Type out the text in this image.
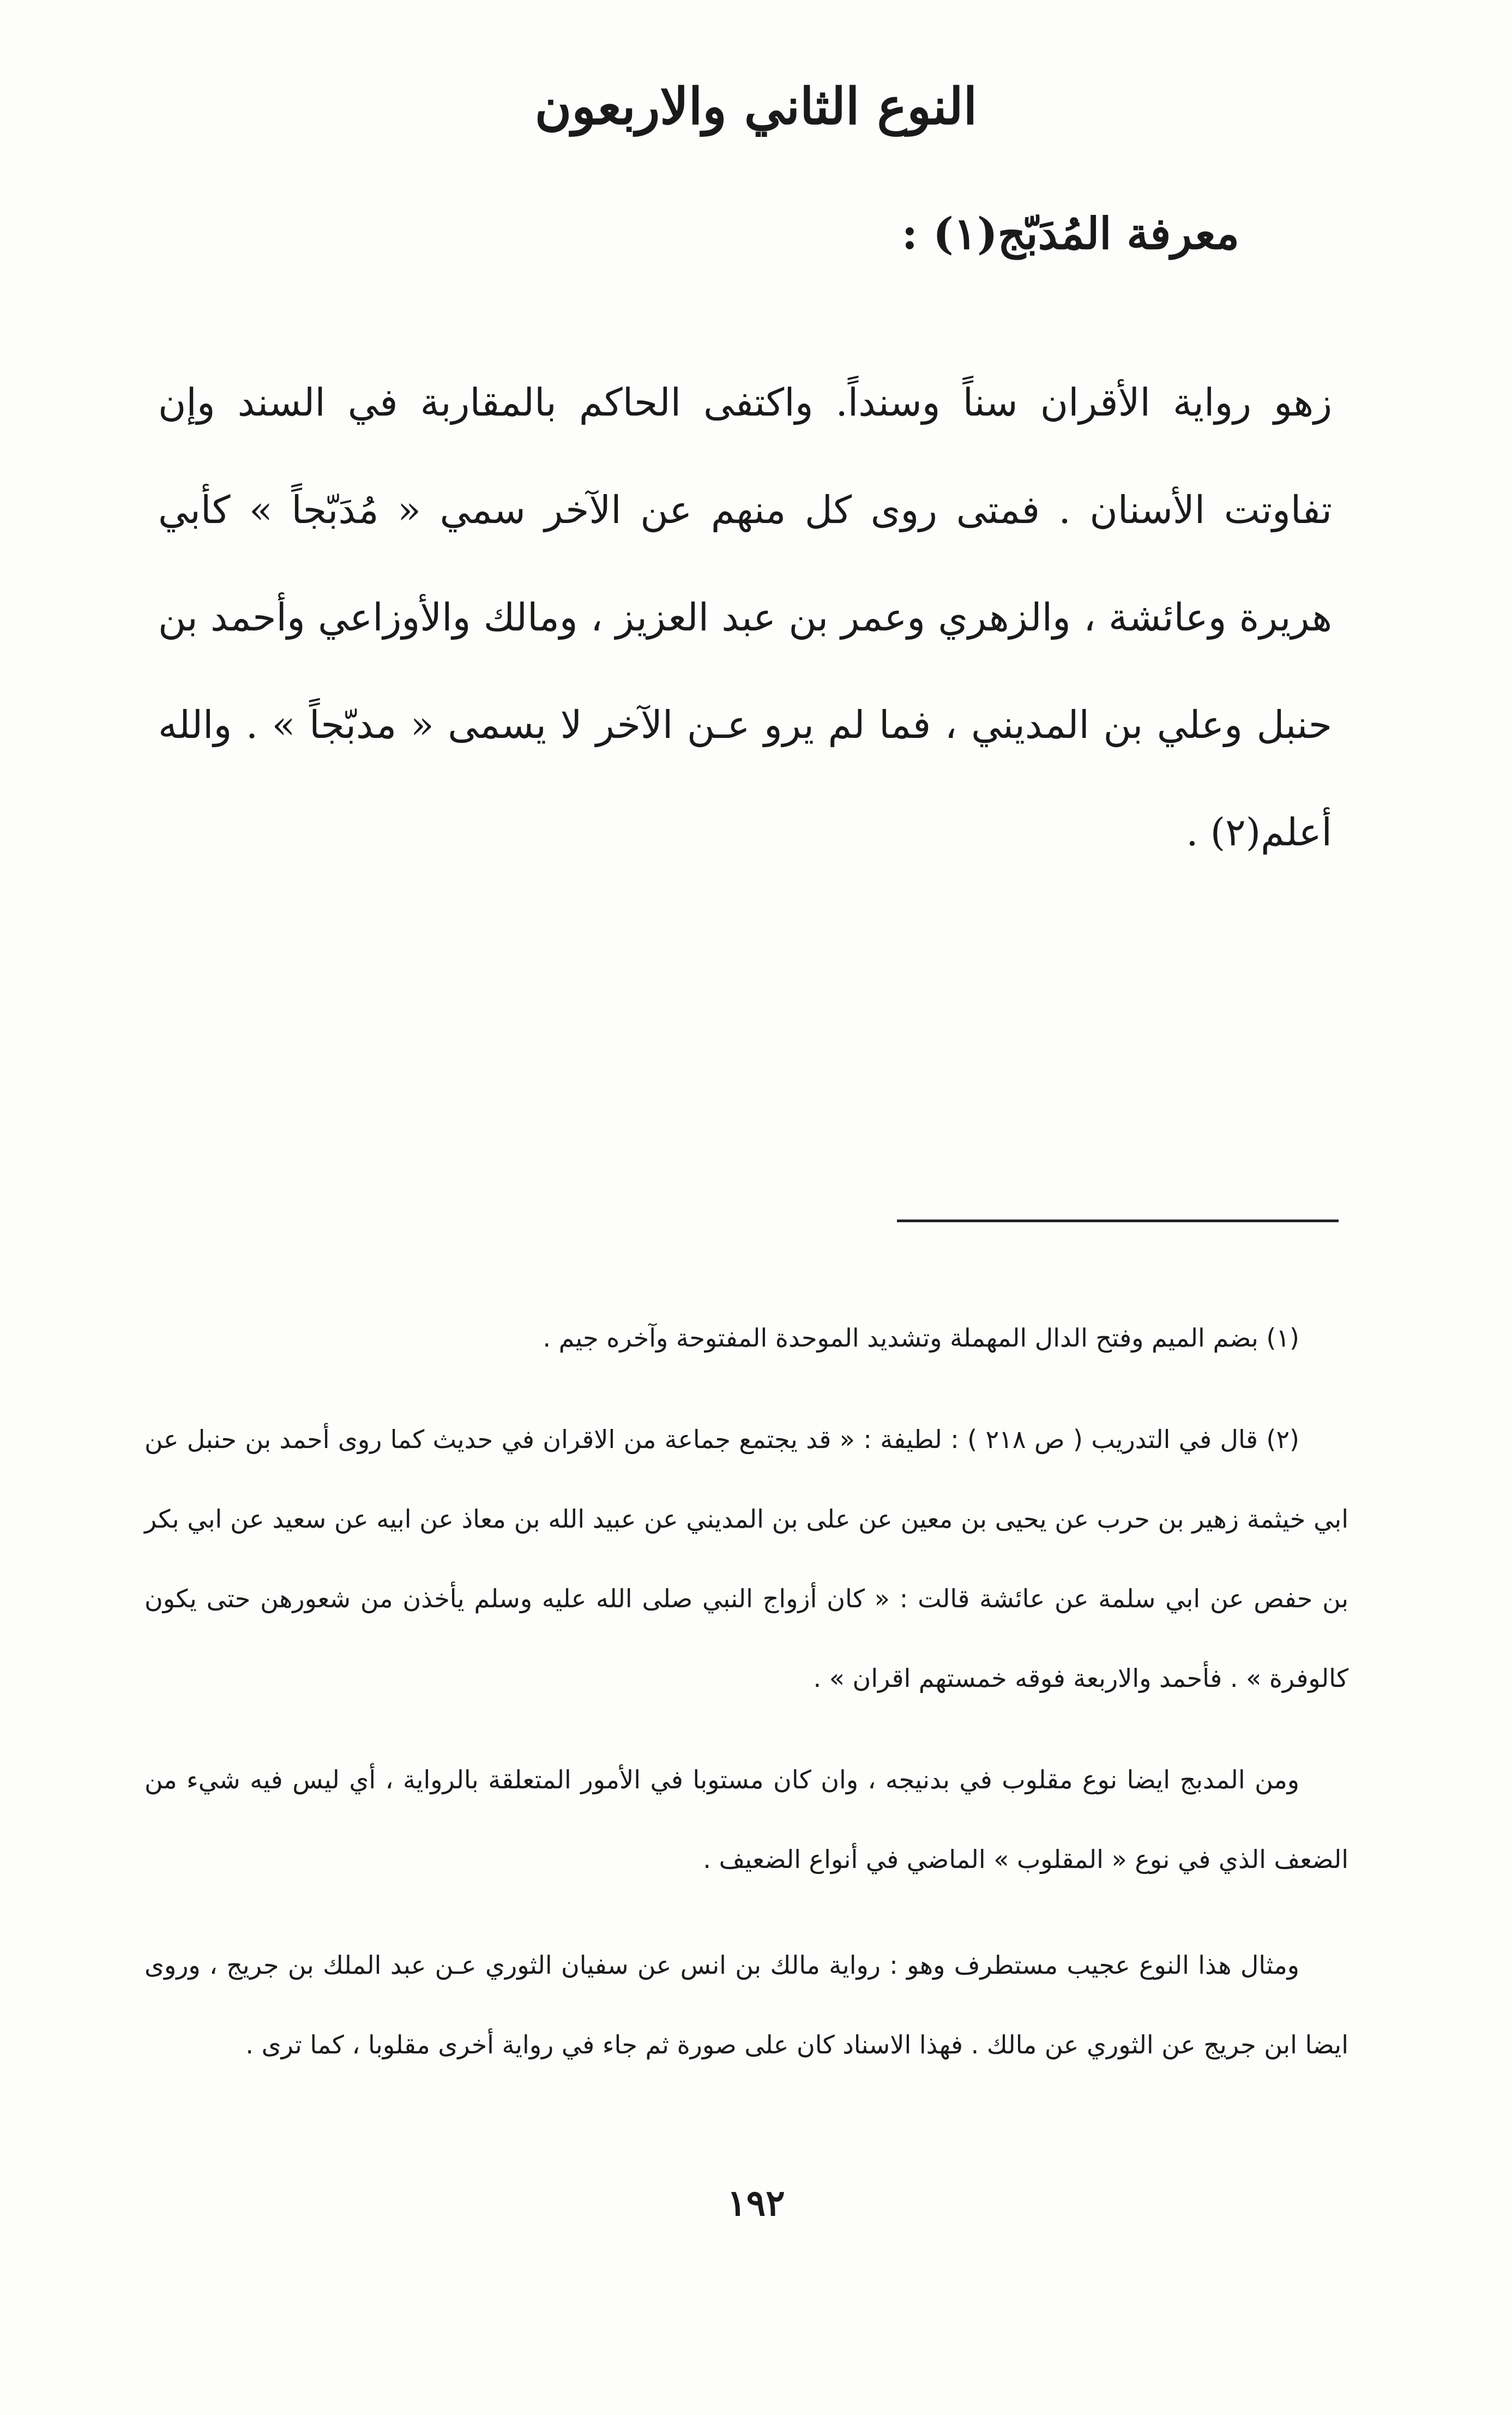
النوع الثاني والاربعون
معرفة المُدَبّج(١) :

زهو رواية الأقران سناً وسنداً. واكتفى الحاكم بالمقاربة في السند وإن تفاوتت الأسنان . فمتى روى كل منهم عن الآخر سمي « مُدَبّجاً » كأبي هريرة وعائشة ، والزهري وعمر بن عبد العزيز ، ومالك والأوزاعي وأحمد بن حنبل وعلي بن المديني ، فما لم يرو عـن الآخر لا يسمى « مدبّجاً » . والله أعلم(٢) .

(١) بضم الميم وفتح الدال المهملة وتشديد الموحدة المفتوحة وآخره جيم .

(٢) قال في التدريب ( ص ٢١٨ ) : لطيفة : « قد يجتمع جماعة من الاقران في حديث كما روى أحمد بن حنبل عن ابي خيثمة زهير بن حرب عن يحيى بن معين عن على بن المديني عن عبيد الله بن معاذ عن ابيه عن سعيد عن ابي بكر بن حفص عن ابي سلمة عن عائشة قالت : « كان أزواج النبي صلى الله عليه وسلم يأخذن من شعورهن حتى يكون كالوفرة » . فأحمد والاربعة فوقه خمستهم اقران » .

ومن المدبج ايضا نوع مقلوب في بدنيجه ، وان كان مستوبا في الأمور المتعلقة بالرواية ، أي ليس فيه شيء من الضعف الذي في نوع « المقلوب » الماضي في أنواع الضعيف .

ومثال هذا النوع عجيب مستطرف وهو : رواية مالك بن انس عن سفيان الثوري عـن عبد الملك بن جريج ، وروى ايضا ابن جريج عن الثوري عن مالك . فهذا الاسناد كان على صورة ثم جاء في رواية أخرى مقلوبا ، كما ترى .

١٩٢
